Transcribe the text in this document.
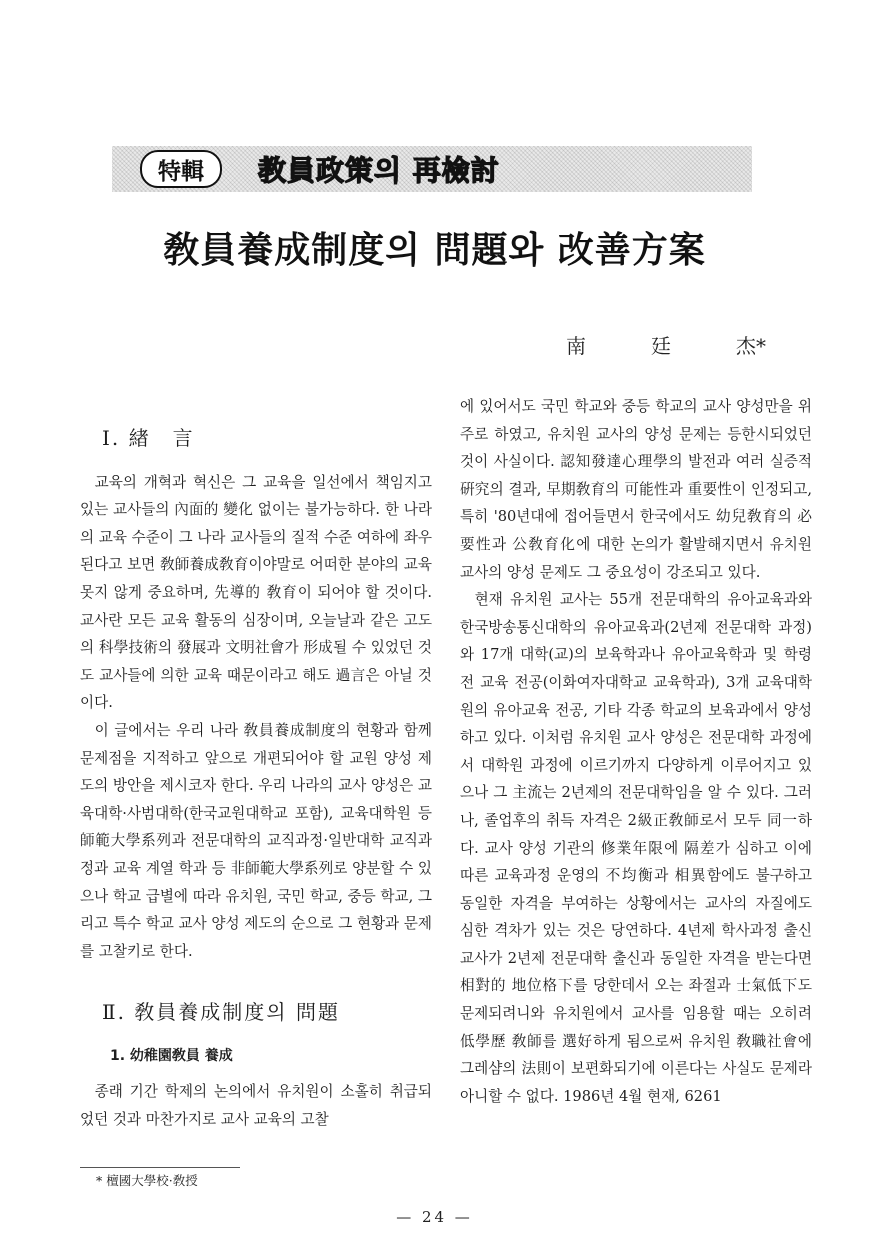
特輯	教員政策의 再檢討
敎員養成制度의 問題와 改善方案
南	廷	杰*
Ⅰ. 緖　言

교육의 개혁과 혁신은 그 교육을 일선에서 책임지고 있는 교사들의 內面的 變化 없이는 불가능하다. 한 나라의 교육 수준이 그 나라 교사들의 질적 수준 여하에 좌우된다고 보면 敎師養成敎育이야말로 어떠한 분야의 교육 못지 않게 중요하며, 先導的 敎育이 되어야 할 것이다. 교사란 모든 교육 활동의 심장이며, 오늘날과 같은 고도의 科學技術의 發展과 文明社會가 形成될 수 있었던 것도 교사들에 의한 교육 때문이라고 해도 過言은 아닐 것이다.

이 글에서는 우리 나라 敎員養成制度의 현황과 함께 문제점을 지적하고 앞으로 개편되어야 할 교원 양성 제도의 방안을 제시코자 한다. 우리 나라의 교사 양성은 교육대학·사범대학(한국교원대학교 포함), 교육대학원 등 師範大學系列과 전문대학의 교직과정·일반대학 교직과정과 교육 계열 학과 등 非師範大學系列로 양분할 수 있으나 학교 급별에 따라 유치원, 국민 학교, 중등 학교, 그리고 특수 학교 교사 양성 제도의 순으로 그 현황과 문제를 고찰키로 한다.

Ⅱ. 敎員養成制度의 問題
1. 幼稚園敎員 養成

종래 기간 학제의 논의에서 유치원이 소홀히 취급되었던 것과 마찬가지로 교사 교육의 고찰

에 있어서도 국민 학교와 중등 학교의 교사 양성만을 위주로 하였고, 유치원 교사의 양성 문제는 등한시되었던 것이 사실이다. 認知發達心理學의 발전과 여러 실증적 硏究의 결과, 早期敎育의 可能性과 重要性이 인정되고, 특히 '80년대에 접어들면서 한국에서도 幼兒敎育의 必要性과 公敎育化에 대한 논의가 활발해지면서 유치원 교사의 양성 문제도 그 중요성이 강조되고 있다.

현재 유치원 교사는 55개 전문대학의 유아교육과와 한국방송통신대학의 유아교육과(2년제 전문대학 과정)와 17개 대학(교)의 보육학과나 유아교육학과 및 학령전 교육 전공(이화여자대학교 교육학과), 3개 교육대학원의 유아교육 전공, 기타 각종 학교의 보육과에서 양성하고 있다. 이처럼 유치원 교사 양성은 전문대학 과정에서 대학원 과정에 이르기까지 다양하게 이루어지고 있으나 그 主流는 2년제의 전문대학임을 알 수 있다. 그러나, 졸업후의 취득 자격은 2級正敎師로서 모두 同一하다. 교사 양성 기관의 修業年限에 隔差가 심하고 이에 따른 교육과정 운영의 不均衡과 相異함에도 불구하고 동일한 자격을 부여하는 상황에서는 교사의 자질에도 심한 격차가 있는 것은 당연하다. 4년제 학사과정 출신 교사가 2년제 전문대학 출신과 동일한 자격을 받는다면 相對的 地位格下를 당한데서 오는 좌절과 士氣低下도 문제되려니와 유치원에서 교사를 임용할 때는 오히려 低學歷 敎師를 選好하게 됨으로써 유치원 敎職社會에 그레샴의 法則이 보편화되기에 이른다는 사실도 문제라 아니할 수 없다. 1986년 4월 현재, 6261

* 檀國大學校·敎授
— 24 —
